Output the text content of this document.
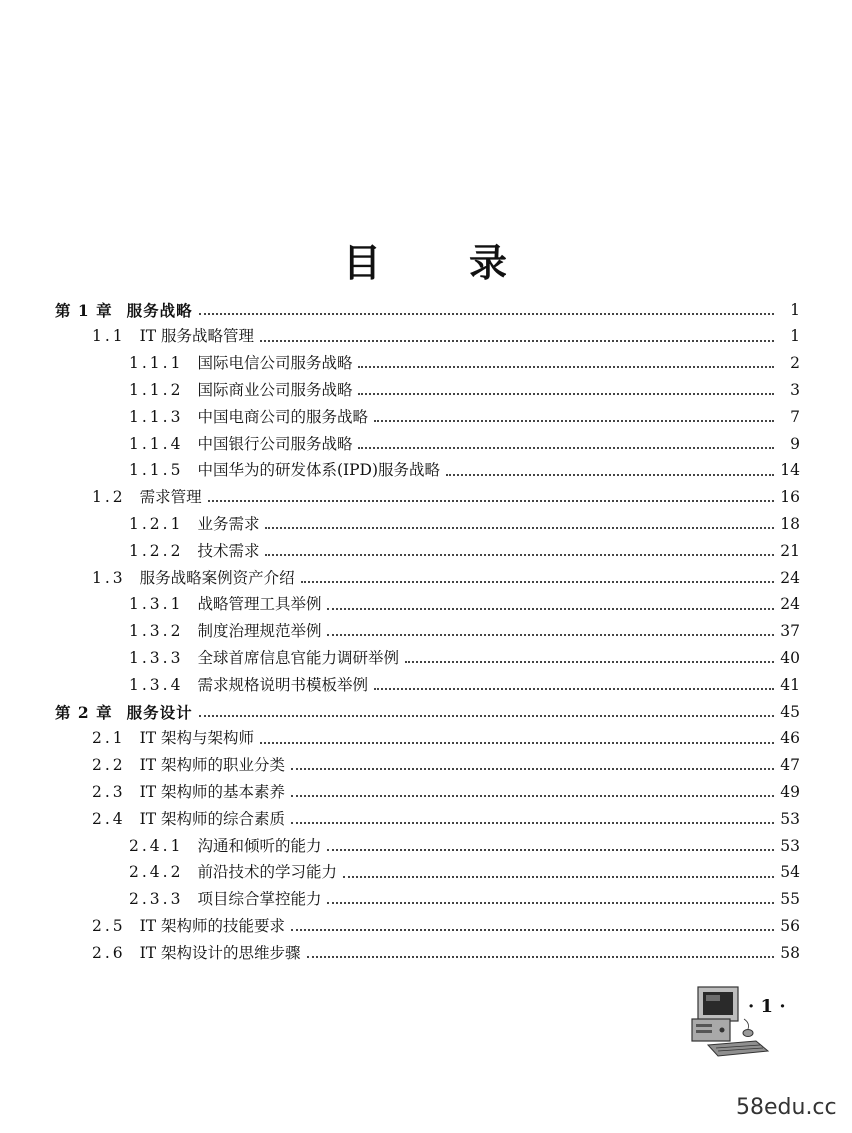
目 录
第 1 章 服务战略	1
1.1 IT 服务战略管理	1
1.1.1 国际电信公司服务战略	2
1.1.2 国际商业公司服务战略	3
1.1.3 中国电商公司的服务战略	7
1.1.4 中国银行公司服务战略	9
1.1.5 中国华为的研发体系(IPD)服务战略	14
1.2 需求管理	16
1.2.1 业务需求	18
1.2.2 技术需求	21
1.3 服务战略案例资产介绍	24
1.3.1 战略管理工具举例	24
1.3.2 制度治理规范举例	37
1.3.3 全球首席信息官能力调研举例	40
1.3.4 需求规格说明书模板举例	41
第 2 章 服务设计	45
2.1 IT 架构与架构师	46
2.2 IT 架构师的职业分类	47
2.3 IT 架构师的基本素养	49
2.4 IT 架构师的综合素质	53
2.4.1 沟通和倾听的能力	53
2.4.2 前沿技术的学习能力	54
2.3.3 项目综合掌控能力	55
2.5 IT 架构师的技能要求	56
2.6 IT 架构设计的思维步骤	58
· 1 ·
58edu.cc
